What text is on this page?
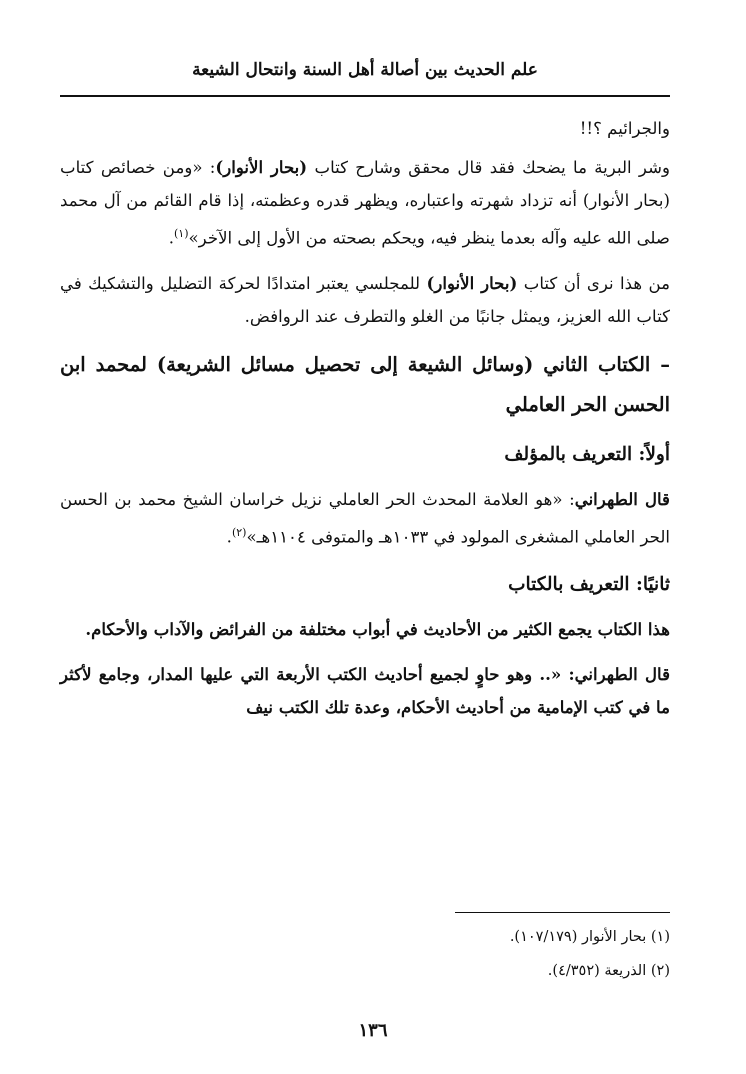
علم الحديث بين أصالة أهل السنة وانتحال الشيعة

والجرائيم ؟!!

وشر البرية ما يضحك فقد قال محقق وشارح كتاب (بحار الأنوار): «ومن خصائص كتاب (بحار الأنوار) أنه تزداد شهرته واعتباره، ويظهر قدره وعظمته، إذا قام القائم من آل محمد صلى الله عليه وآله بعدما ينظر فيه، ويحكم بصحته من الأول إلى الآخر»$^{(١)}$.

من هذا نرى أن كتاب (بحار الأنوار) للمجلسي يعتبر امتدادًا لحركة التضليل والتشكيك في كتاب الله العزيز، ويمثل جانبًا من الغلو والتطرف عند الروافض.

– الكتاب الثاني (وسائل الشيعة إلى تحصيل مسائل الشريعة) لمحمد ابن الحسن الحر العاملي
أولاً: التعريف بالمؤلف

قال الطهراني: «هو العلامة المحدث الحر العاملي نزيل خراسان الشيخ محمد بن الحسن الحر العاملي المشغرى المولود في ١٠٣٣هـ والمتوفى ١١٠٤هـ»$^{(٢)}$.

ثانيًا: التعريف بالكتاب

هذا الكتاب يجمع الكثير من الأحاديث في أبواب مختلفة من الفرائض والآداب والأحكام.

قال الطهراني: «.. وهو حاوٍ لجميع أحاديث الكتب الأربعة التي عليها المدار، وجامع لأكثر ما في كتب الإمامية من أحاديث الأحكام، وعدة تلك الكتب نيف

(١) بحار الأنوار (١٠٧/١٧٩).
(٢) الذريعة (٤/٣٥٢).
١٣٦
